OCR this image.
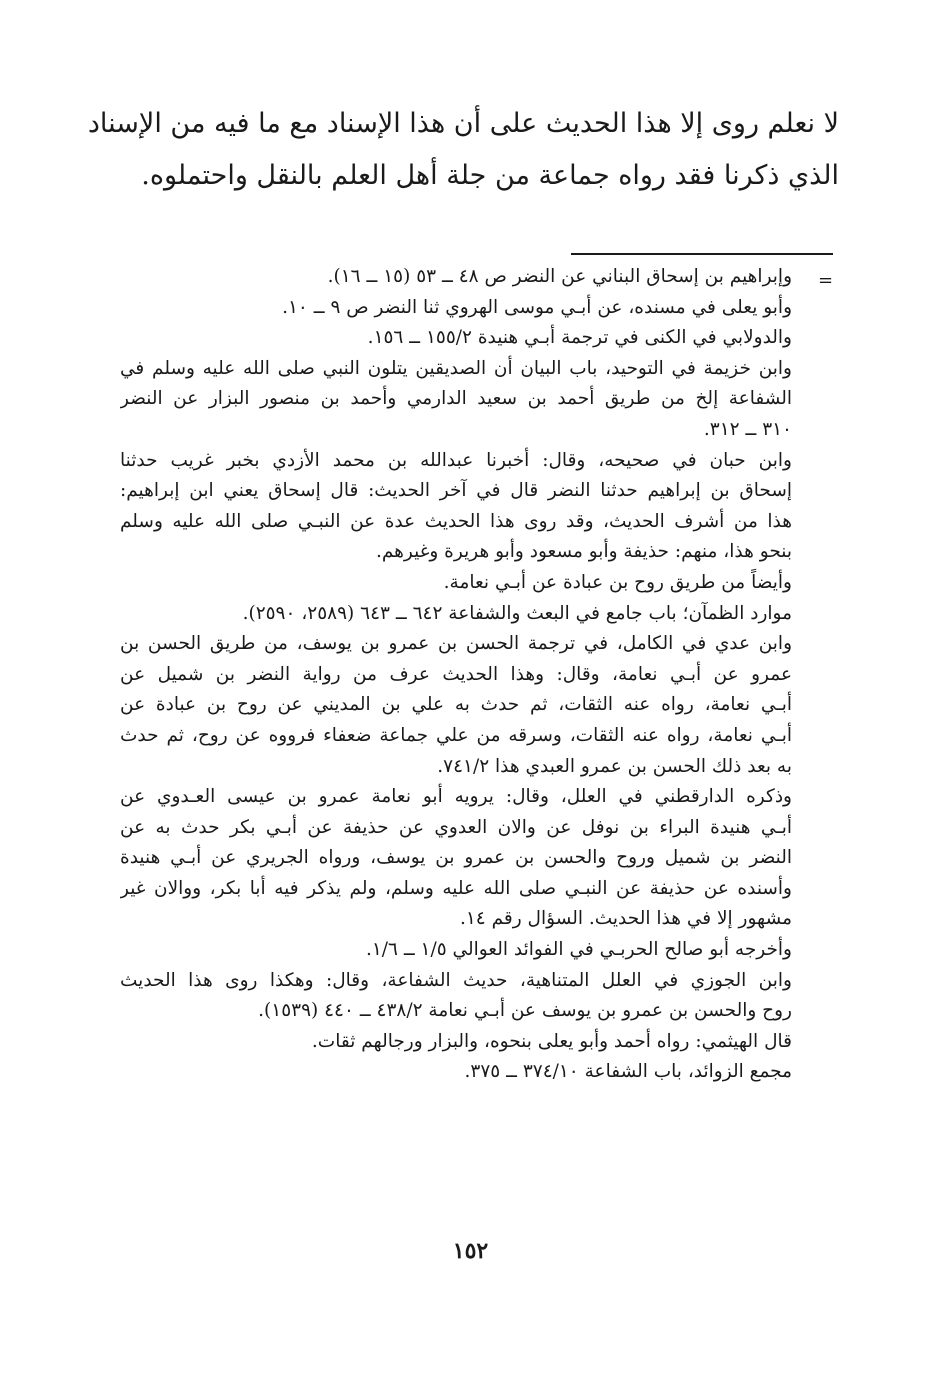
لا نعلم روى إلا هذا الحديث على أن هذا الإسناد مع ما فيه من الإسناد
الذي ذكرنا فقد رواه جماعة من جلة أهل العلم بالنقل واحتملوه.
=
وإبراهيم بن إسحاق البناني عن النضر ص ٤٨ ــ ٥٣ (١٥ ــ ١٦).
وأبو يعلى في مسنده، عن أبـي موسى الهروي ثنا النضر ص ٩ ــ ١٠.
والدولابي في الكنى في ترجمة أبـي هنيدة ١٥٥/٢ ــ ١٥٦.
وابن خزيمة في التوحيد، باب البيان أن الصديقين يتلون النبي صلى الله عليه وسلم في
الشفاعة إلخ من طريق أحمد بن سعيد الدارمي وأحمد بن منصور البزار عن النضر
٣١٠ ــ ٣١٢.
وابن حبان في صحيحه، وقال: أخبرنا عبدالله بن محمد الأزدي بخبر غريب حدثنا
إسحاق بن إبراهيم حدثنا النضر قال في آخر الحديث: قال إسحاق يعني ابن إبراهيم:
هذا من أشرف الحديث، وقد روى هذا الحديث عدة عن النبـي صلى الله عليه وسلم
بنحو هذا، منهم: حذيفة وأبو مسعود وأبو هريرة وغيرهم.
وأيضاً من طريق روح بن عبادة عن أبـي نعامة.
موارد الظمآن؛ باب جامع في البعث والشفاعة ٦٤٢ ــ ٦٤٣ (٢٥٨٩، ٢٥٩٠).
وابن عدي في الكامل، في ترجمة الحسن بن عمرو بن يوسف، من طريق الحسن بن
عمرو عن أبـي نعامة، وقال: وهذا الحديث عرف من رواية النضر بن شميل عن
أبـي نعامة، رواه عنه الثقات، ثم حدث به علي بن المديني عن روح بن عبادة عن
أبـي نعامة، رواه عنه الثقات، وسرقه من علي جماعة ضعفاء فرووه عن روح، ثم حدث
به بعد ذلك الحسن بن عمرو العبدي هذا ٧٤١/٢.
وذكره الدارقطني في العلل، وقال: يرويه أبو نعامة عمرو بن عيسى العـدوي عن
أبـي هنيدة البراء بن نوفل عن والان العدوي عن حذيفة عن أبـي بكر حدث به عن
النضر بن شميل وروح والحسن بن عمرو بن يوسف، ورواه الجريري عن أبـي هنيدة
وأسنده عن حذيفة عن النبـي صلى الله عليه وسلم، ولم يذكر فيه أبا بكر، ووالان غير
مشهور إلا في هذا الحديث. السؤال رقم ١٤.
وأخرجه أبو صالح الحربـي في الفوائد العوالي ١/٥ ــ ١/٦.
وابن الجوزي في العلل المتناهية، حديث الشفاعة، وقال: وهكذا روى هذا الحديث
روح والحسن بن عمرو بن يوسف عن أبـي نعامة ٤٣٨/٢ ــ ٤٤٠ (١٥٣٩).
قال الهيثمي: رواه أحمد وأبو يعلى بنحوه، والبزار ورجالهم ثقات.
مجمع الزوائد، باب الشفاعة ٣٧٤/١٠ ــ ٣٧٥.
١٥٢
